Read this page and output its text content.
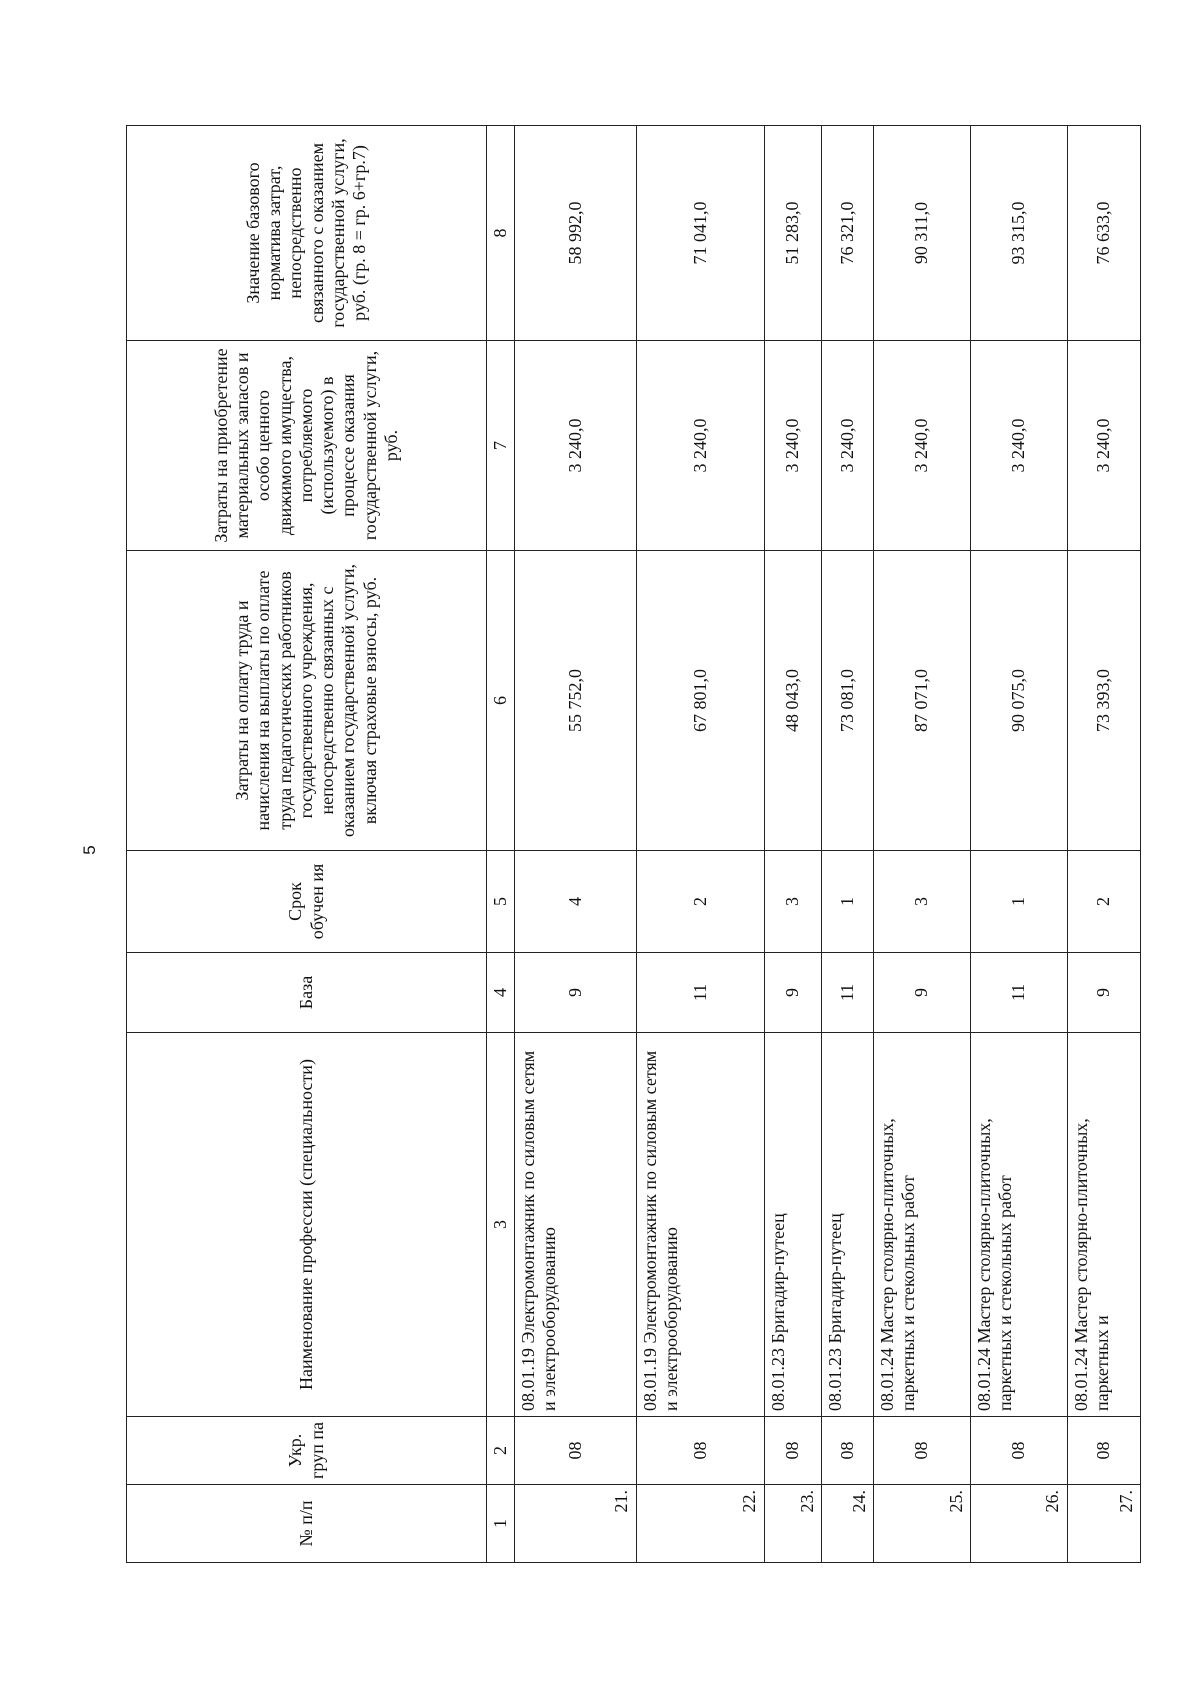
5
№ п/п	Укр. груп па	Наименование профессии (специальности)	База	Срок обучен ия	Затраты на оплату труда и начисления на выплаты по оплате труда педагогических работников государственного учреждения, непосредственно связанных с оказанием государственной услуги, включая страховые взносы, руб.	Затраты на приобретение материальных запасов и особо ценного движимого имущества, потребляемого (используемого) в процессе оказания государственной услуги, руб.	Значение базового норматива затрат, непосредственно связанного с оказанием государственной услуги, руб. (гр. 8 = гр. 6+гр.7)
1	2	3	4	5	6	7	8
21.	08	08.01.19 Электромонтажник по силовым сетям и электрооборудованию	9	4	55 752,0	3 240,0	58 992,0
22.	08	08.01.19 Электромонтажник по силовым сетям и электрооборудованию	11	2	67 801,0	3 240,0	71 041,0
23.	08	08.01.23 Бригадир-путеец	9	3	48 043,0	3 240,0	51 283,0
24.	08	08.01.23 Бригадир-путеец	11	1	73 081,0	3 240,0	76 321,0
25.	08	08.01.24 Мастер столярно-плиточных, паркетных и стекольных работ	9	3	87 071,0	3 240,0	90 311,0
26.	08	08.01.24 Мастер столярно-плиточных, паркетных и стекольных работ	11	1	90 075,0	3 240,0	93 315,0
27.	08	08.01.24 Мастер столярно-плиточных, паркетных и	9	2	73 393,0	3 240,0	76 633,0
